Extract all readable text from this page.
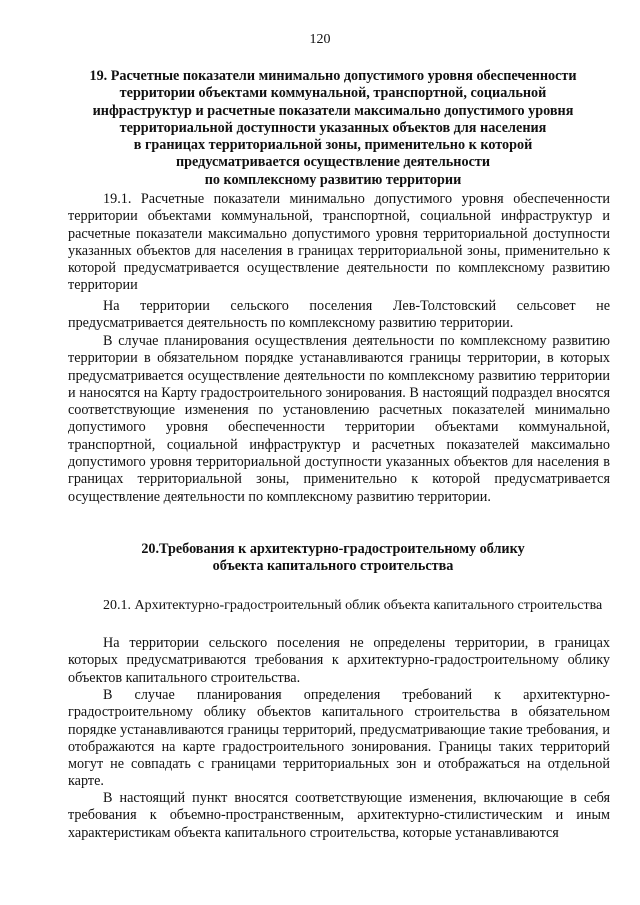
120
19. Расчетные показатели минимально допустимого уровня обеспеченности
территории объектами коммунальной, транспортной, социальной
инфраструктур и расчетные показатели максимально допустимого уровня
территориальной доступности указанных объектов для населения
в границах территориальной зоны, применительно к которой
предусматривается осуществление деятельности
по комплексному развитию территории
19.1. Расчетные показатели минимально допустимого уровня обеспеченности территории объектами коммунальной, транспортной, социальной инфраструктур и расчетные показатели максимально допустимого уровня территориальной доступности указанных объектов для населения в границах территориальной зоны, применительно к которой предусматривается осуществление деятельности по комплексному развитию территории
На территории сельского поселения Лев-Толстовский сельсовет не предусматривается деятельность по комплексному развитию территории.
В случае планирования осуществления деятельности по комплексному развитию территории в обязательном порядке устанавливаются границы территории, в которых предусматривается осуществление деятельности по комплексному развитию территории и наносятся на Карту градостроительного зонирования. В настоящий подраздел вносятся соответствующие изменения по установлению расчетных показателей минимально допустимого уровня обеспеченности территории объектами коммунальной, транспортной, социальной инфраструктур и расчетных показателей максимально допустимого уровня территориальной доступности указанных объектов для населения в границах территориальной зоны, применительно к которой предусматривается осуществление деятельности по комплексному развитию территории.
20.Требования к архитектурно-градостроительному облику
объекта капитального строительства
20.1. Архитектурно-градостроительный облик объекта капитального строительства
На территории сельского поселения не определены территории, в границах которых предусматриваются требования к архитектурно-градостроительному облику объектов капитального строительства.
В случае планирования определения требований к архитектурно-градостроительному облику объектов капитального строительства в обязательном порядке устанавливаются границы территорий, предусматривающие такие требования, и отображаются на карте градостроительного зонирования. Границы таких территорий могут не совпадать с границами территориальных зон и отображаться на отдельной карте.
В настоящий пункт вносятся соответствующие изменения, включающие в себя требования к объемно-пространственным, архитектурно-стилистическим и иным характеристикам объекта капитального строительства, которые устанавливаются
